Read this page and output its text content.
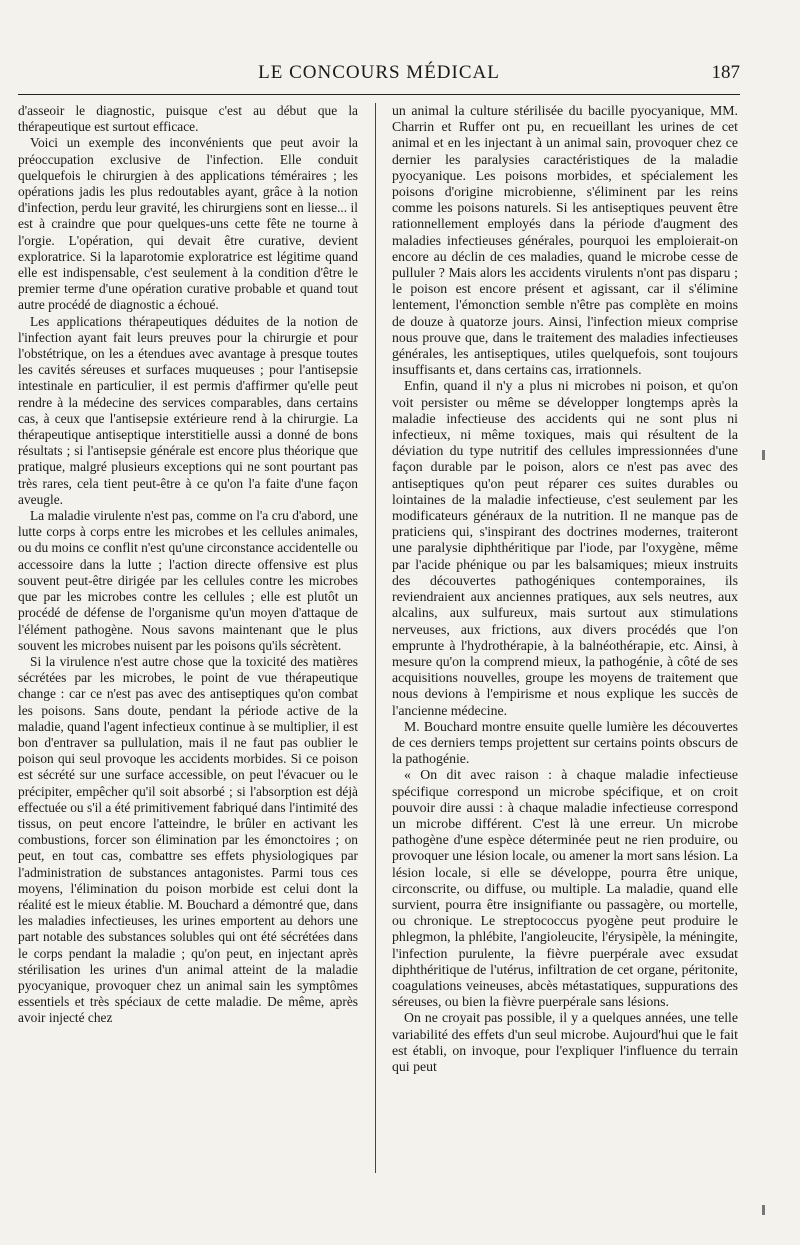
LE CONCOURS MÉDICAL	187

d'asseoir le diagnostic, puisque c'est au début que la thérapeutique est surtout efficace.

Voici un exemple des inconvénients que peut avoir la préoccupation exclusive de l'infection. Elle conduit quelquefois le chirurgien à des applications téméraires ; les opérations jadis les plus redoutables ayant, grâce à la notion d'infection, perdu leur gravité, les chirurgiens sont en liesse... il est à craindre que pour quelques-uns cette fête ne tourne à l'orgie. L'opération, qui devait être curative, devient exploratrice. Si la laparotomie exploratrice est légitime quand elle est indispensable, c'est seulement à la condition d'être le premier terme d'une opération curative probable et quand tout autre procédé de diagnostic a échoué.

Les applications thérapeutiques déduites de la notion de l'infection ayant fait leurs preuves pour la chirurgie et pour l'obstétrique, on les a étendues avec avantage à presque toutes les cavités séreuses et surfaces muqueuses ; pour l'antisepsie intestinale en particulier, il est permis d'affirmer qu'elle peut rendre à la médecine des services comparables, dans certains cas, à ceux que l'antisepsie extérieure rend à la chirurgie. La thérapeutique antiseptique interstitielle aussi a donné de bons résultats ; si l'antisepsie générale est encore plus théorique que pratique, malgré plusieurs exceptions qui ne sont pourtant pas très rares, cela tient peut-être à ce qu'on l'a faite d'une façon aveugle.

La maladie virulente n'est pas, comme on l'a cru d'abord, une lutte corps à corps entre les microbes et les cellules animales, ou du moins ce conflit n'est qu'une circonstance accidentelle ou accessoire dans la lutte ; l'action directe offensive est plus souvent peut-être dirigée par les cellules contre les microbes que par les microbes contre les cellules ; elle est plutôt un procédé de défense de l'organisme qu'un moyen d'attaque de l'élément pathogène. Nous savons maintenant que le plus souvent les microbes nuisent par les poisons qu'ils sécrètent.

Si la virulence n'est autre chose que la toxicité des matières sécrétées par les microbes, le point de vue thérapeutique change : car ce n'est pas avec des antiseptiques qu'on combat les poisons. Sans doute, pendant la période active de la maladie, quand l'agent infectieux continue à se multiplier, il est bon d'entraver sa pullulation, mais il ne faut pas oublier le poison qui seul provoque les accidents morbides. Si ce poison est sécrété sur une surface accessible, on peut l'évacuer ou le précipiter, empêcher qu'il soit absorbé ; si l'absorption est déjà effectuée ou s'il a été primitivement fabriqué dans l'intimité des tissus, on peut encore l'atteindre, le brûler en activant les combustions, forcer son élimination par les émonctoires ; on peut, en tout cas, combattre ses effets physiologiques par l'administration de substances antagonistes. Parmi tous ces moyens, l'élimination du poison morbide est celui dont la réalité est le mieux établie. M. Bouchard a démontré que, dans les maladies infectieuses, les urines emportent au dehors une part notable des substances solubles qui ont été sécrétées dans le corps pendant la maladie ; qu'on peut, en injectant après stérilisation les urines d'un animal atteint de la maladie pyocyanique, provoquer chez un animal sain les symptômes essentiels et très spéciaux de cette maladie. De même, après avoir injecté chez

un animal la culture stérilisée du bacille pyocyanique, MM. Charrin et Ruffer ont pu, en recueillant les urines de cet animal et en les injectant à un animal sain, provoquer chez ce dernier les paralysies caractéristiques de la maladie pyocyanique. Les poisons morbides, et spécialement les poisons d'origine microbienne, s'éliminent par les reins comme les poisons naturels. Si les antiseptiques peuvent être rationnellement employés dans la période d'augment des maladies infectieuses générales, pourquoi les emploierait-on encore au déclin de ces maladies, quand le microbe cesse de pulluler ? Mais alors les accidents virulents n'ont pas disparu ; le poison est encore présent et agissant, car il s'élimine lentement, l'émonction semble n'être pas complète en moins de douze à quatorze jours. Ainsi, l'infection mieux comprise nous prouve que, dans le traitement des maladies infectieuses générales, les antiseptiques, utiles quelquefois, sont toujours insuffisants et, dans certains cas, irrationnels.

Enfin, quand il n'y a plus ni microbes ni poison, et qu'on voit persister ou même se développer longtemps après la maladie infectieuse des accidents qui ne sont plus ni infectieux, ni même toxiques, mais qui résultent de la déviation du type nutritif des cellules impressionnées d'une façon durable par le poison, alors ce n'est pas avec des antiseptiques qu'on peut réparer ces suites durables ou lointaines de la maladie infectieuse, c'est seulement par les modificateurs généraux de la nutrition. Il ne manque pas de praticiens qui, s'inspirant des doctrines modernes, traiteront une paralysie diphthéritique par l'iode, par l'oxygène, même par l'acide phénique ou par les balsamiques; mieux instruits des découvertes pathogéniques contemporaines, ils reviendraient aux anciennes pratiques, aux sels neutres, aux alcalins, aux sulfureux, mais surtout aux stimulations nerveuses, aux frictions, aux divers procédés que l'on emprunte à l'hydrothérapie, à la balnéothérapie, etc. Ainsi, à mesure qu'on la comprend mieux, la pathogénie, à côté de ses acquisitions nouvelles, groupe les moyens de traitement que nous devions à l'empirisme et nous explique les succès de l'ancienne médecine.

M. Bouchard montre ensuite quelle lumière les découvertes de ces derniers temps projettent sur certains points obscurs de la pathogénie.

« On dit avec raison : à chaque maladie infectieuse spécifique correspond un microbe spécifique, et on croit pouvoir dire aussi : à chaque maladie infectieuse correspond un microbe différent. C'est là une erreur. Un microbe pathogène d'une espèce déterminée peut ne rien produire, ou provoquer une lésion locale, ou amener la mort sans lésion. La lésion locale, si elle se développe, pourra être unique, circonscrite, ou diffuse, ou multiple. La maladie, quand elle survient, pourra être insignifiante ou passagère, ou mortelle, ou chronique. Le streptococcus pyogène peut produire le phlegmon, la phlébite, l'angioleucite, l'érysipèle, la méningite, l'infection purulente, la fièvre puerpérale avec exsudat diphthéritique de l'utérus, infiltration de cet organe, péritonite, coagulations veineuses, abcès métastatiques, suppurations des séreuses, ou bien la fièvre puerpérale sans lésions.

On ne croyait pas possible, il y a quelques années, une telle variabilité des effets d'un seul microbe. Aujourd'hui que le fait est établi, on invoque, pour l'expliquer l'influence du terrain qui peut
